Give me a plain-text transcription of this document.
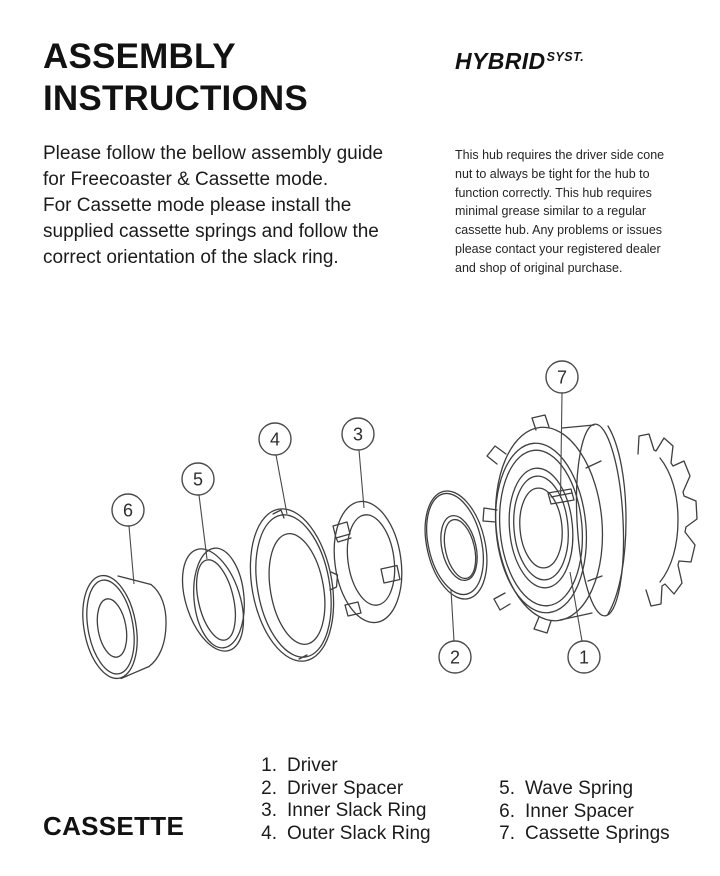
ASSEMBLY
INSTRUCTIONS
$HYBRID^{SYST.}$
Please follow the bellow assembly guide for Freecoaster & Cassette mode.
For Cassette mode please install the supplied cassette springs and follow the correct orientation of the slack ring.
This hub requires the driver side cone nut to always be tight for the hub to function correctly. This hub requires minimal grease similar to a regular cassette hub. Any problems or issues please contact your registered dealer and shop of original purchase.
7
3
4
5
6
2	1
1. Driver
2. Driver Spacer
3. Inner Slack Ring
4. Outer Slack Ring
5. Wave Spring
6. Inner Spacer
7. Cassette Springs
CASSETTE
